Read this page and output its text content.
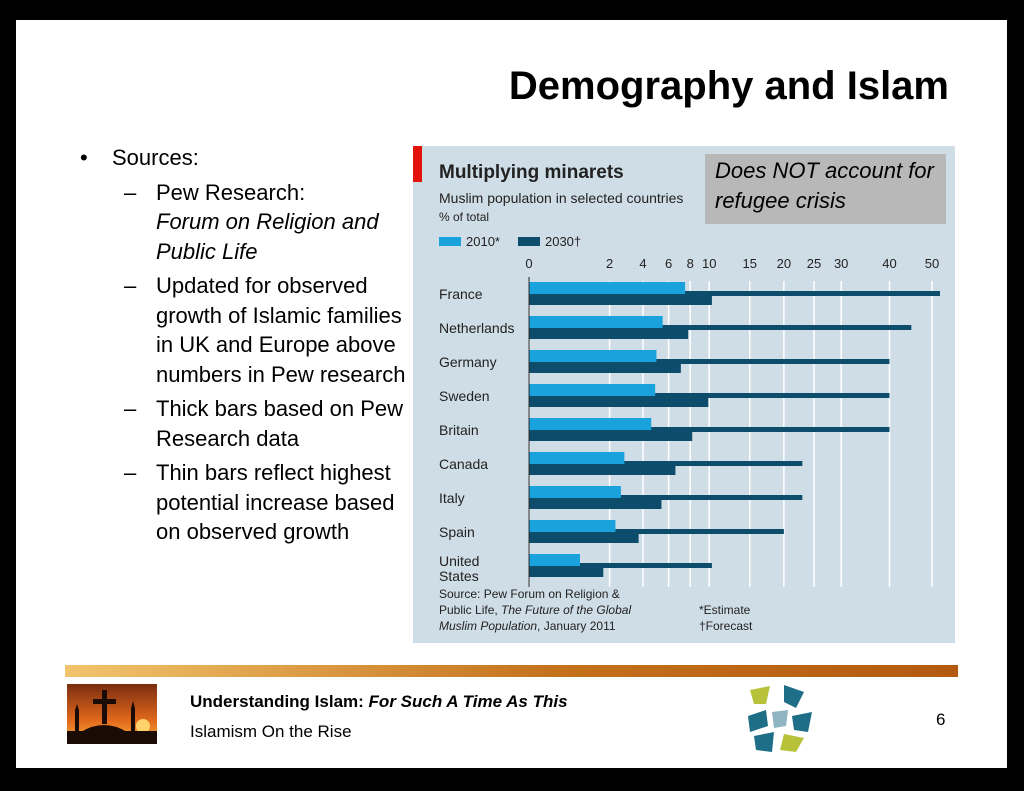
Demography and Islam
• Sources:
– Pew Research:
Forum on Religion and Public Life
– Updated for observed growth of Islamic families in UK and Europe above numbers in Pew research
– Thick bars based on Pew Research data
– Thin bars reflect highest potential increase based on observed growth
Multiplying minarets
Muslim population in selected countries
% of total
2010*	2030†
0	2 4 6 8 10 15 20 25 30	40 50
France
Netherlands
Germany
Sweden
Britain
Canada
Italy
Spain
United
States
Does NOT account for refugee crisis
Source: Pew Forum on Religion &
Public Life, The Future of the Global
Muslim Population, January 2011
*Estimate
†Forecast
Understanding Islam: For Such A Time As This
Islamism On the Rise
6
